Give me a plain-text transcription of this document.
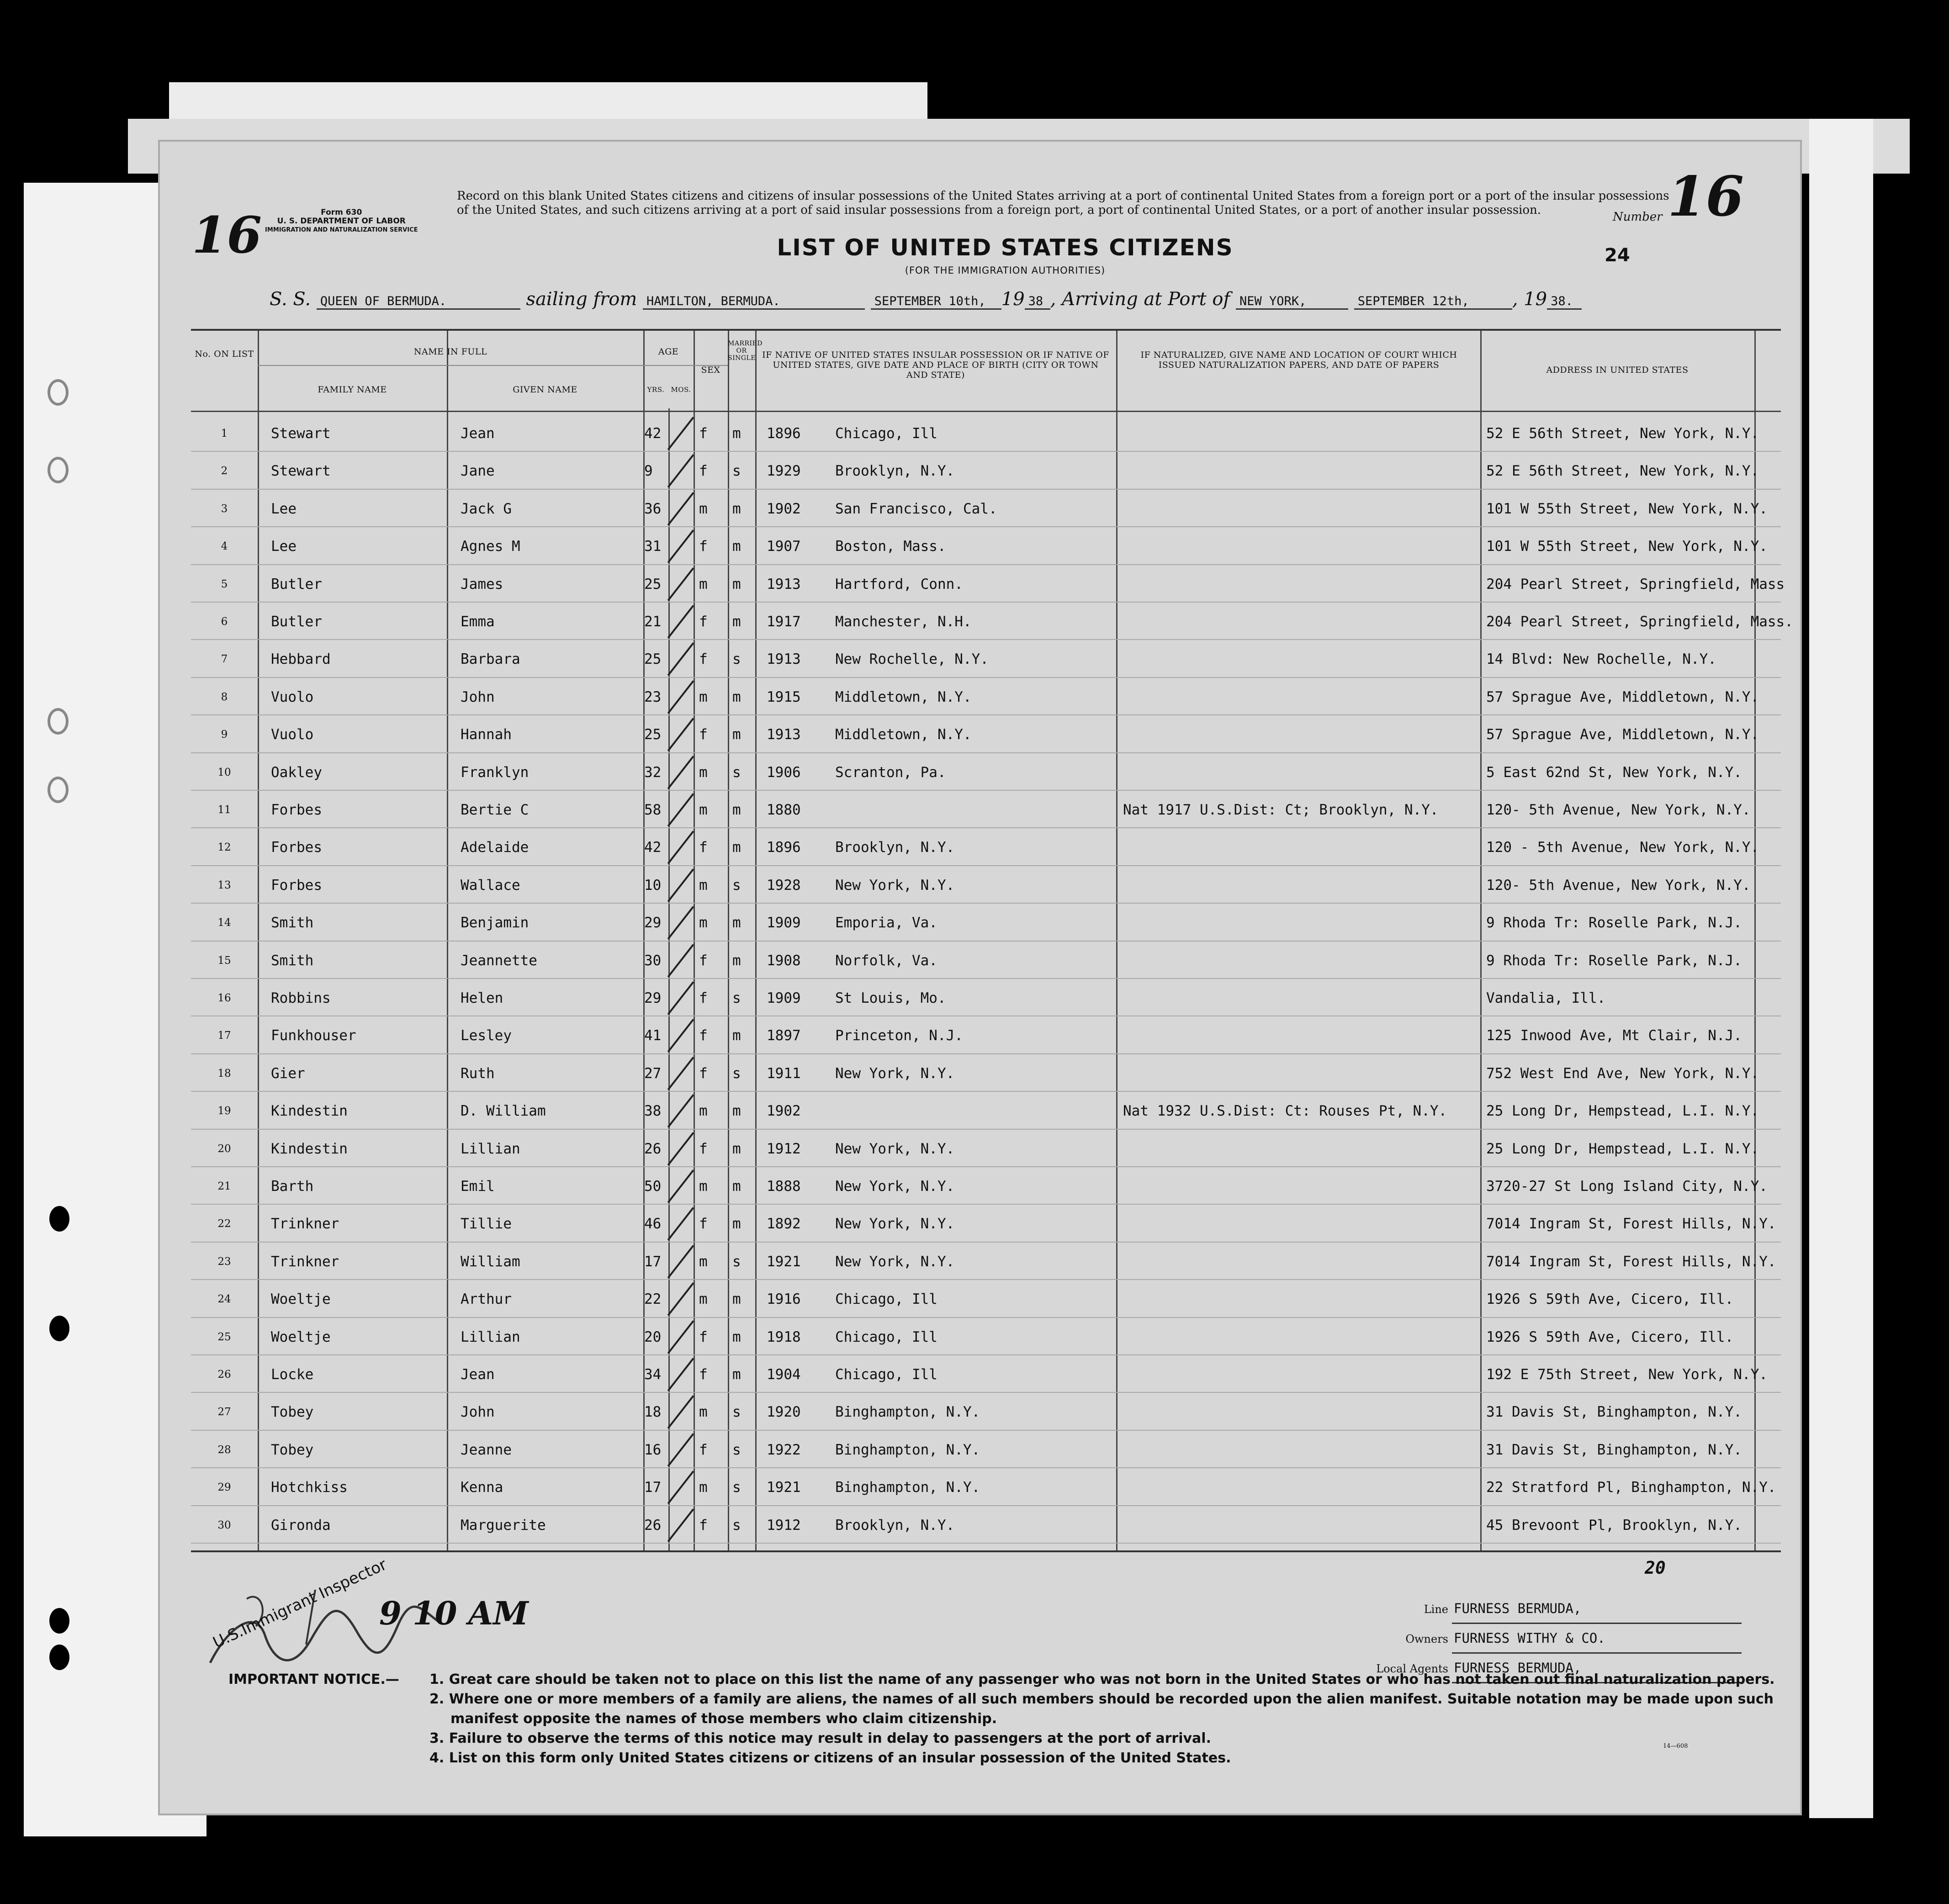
16	Form 630
U. S. DEPARTMENT OF LABOR
IMMIGRATION AND NATURALIZATION SERVICE
Record on this blank United States citizens and citizens of insular possessions of the United States arriving at a port of continental United States from a foreign port or a port of the insular possessions of the United States, and such citizens arriving at a port of said insular possessions from a foreign port, a port of continental United States, or a port of another insular possession.	Number 16
LIST OF UNITED STATES CITIZENS
(FOR THE IMMIGRATION AUTHORITIES)
24
S. S. QUEEN OF BERMUDA.	sailing from HAMILTON, BERMUDA.	SEPTEMBER 10th, 19 38 , Arriving at Port of NEW YORK,	SEPTEMBER 12th, , 19 38.
No. ON LIST	NAME IN FULL
FAMILY NAME	GIVEN NAME
AGE
YRS. MOS.
SEX
MARRIED OR SINGLE IF NATIVE OF UNITED STATES INSULAR POSSESSION OR IF NATIVE OF UNITED STATES, GIVE DATE AND PLACE OF BIRTH (CITY OR TOWN AND STATE)
IF NATURALIZED, GIVE NAME AND LOCATION OF COURT WHICH ISSUED NATURALIZATION PAPERS, AND DATE OF PAPERS	ADDRESS IN UNITED STATES
1	Stewart	Jean	42	f	m	1896	Chicago, Ill	52 E 56th Street, New York, N.Y.
2	Stewart	Jane	9	f	s	1929	Brooklyn, N.Y.	52 E 56th Street, New York, N.Y.
3	Lee	Jack G	36	m	m	1902	San Francisco, Cal.	101 W 55th Street, New York, N.Y.
4	Lee	Agnes M	31	f	m	1907	Boston, Mass.	101 W 55th Street, New York, N.Y.
5	Butler	James	25	m	m	1913	Hartford, Conn.	204 Pearl Street, Springfield, Mass
6	Butler	Emma	21	f	m	1917	Manchester, N.H.	204 Pearl Street, Springfield, Mass.
7	Hebbard	Barbara	25	f	s	1913	New Rochelle, N.Y.	14 Blvd: New Rochelle, N.Y.
8	Vuolo	John	23	m	m	1915	Middletown, N.Y.	57 Sprague Ave, Middletown, N.Y.
9	Vuolo	Hannah	25	f	m	1913	Middletown, N.Y.	57 Sprague Ave, Middletown, N.Y.
10	Oakley	Franklyn	32	m	s	1906	Scranton, Pa.	5 East 62nd St, New York, N.Y.
11	Forbes	Bertie C	58	m	m	1880	Nat 1917 U.S.Dist: Ct; Brooklyn, N.Y.	120- 5th Avenue, New York, N.Y.
12	Forbes	Adelaide	42	f	m	1896	Brooklyn, N.Y.	120 - 5th Avenue, New York, N.Y.
13	Forbes	Wallace	10	m	s	1928	New York, N.Y.	120- 5th Avenue, New York, N.Y.
14	Smith	Benjamin	29	m	m	1909	Emporia, Va.	9 Rhoda Tr: Roselle Park, N.J.
15	Smith	Jeannette	30	f	m	1908	Norfolk, Va.	9 Rhoda Tr: Roselle Park, N.J.
16	Robbins	Helen	29	f	s	1909	St Louis, Mo.	Vandalia, Ill.
17	Funkhouser	Lesley	41	f	m	1897	Princeton, N.J.	125 Inwood Ave, Mt Clair, N.J.
18	Gier	Ruth	27	f	s	1911	New York, N.Y.	752 West End Ave, New York, N.Y.
19	Kindestin	D. William	38	m	m	1902	Nat 1932 U.S.Dist: Ct: Rouses Pt, N.Y.	25 Long Dr, Hempstead, L.I. N.Y.
20	Kindestin	Lillian	26	f	m	1912	New York, N.Y.	25 Long Dr, Hempstead, L.I. N.Y.
21	Barth	Emil	50	m	m	1888	New York, N.Y.	3720-27 St Long Island City, N.Y.
22	Trinkner	Tillie	46	f	m	1892	New York, N.Y.	7014 Ingram St, Forest Hills, N.Y.
23	Trinkner	William	17	m	s	1921	New York, N.Y.	7014 Ingram St, Forest Hills, N.Y.
24	Woeltje	Arthur	22	m	m	1916	Chicago, Ill	1926 S 59th Ave, Cicero, Ill.
25	Woeltje	Lillian	20	f	m	1918	Chicago, Ill	1926 S 59th Ave, Cicero, Ill.
26	Locke	Jean	34	f	m	1904	Chicago, Ill	192 E 75th Street, New York, N.Y.
27	Tobey	John	18	m	s	1920	Binghampton, N.Y.	31 Davis St, Binghampton, N.Y.
28	Tobey	Jeanne	16	f	s	1922	Binghampton, N.Y.	31 Davis St, Binghampton, N.Y.
29	Hotchkiss	Kenna	17	m	s	1921	Binghampton, N.Y.	22 Stratford Pl, Binghampton, N.Y.
30	Gironda	Marguerite	26	f	s	1912	Brooklyn, N.Y.	45 Brevoont Pl, Brooklyn, N.Y.
20
Line FURNESS BERMUDA,
Owners FURNESS WITHY & CO.
Local Agents FURNESS BERMUDA,
U.S.Immigrant Inspector
9 10 AM
IMPORTANT NOTICE.— 1. Great care should be taken not to place on this list the name of any passenger who was not born in the United States or who has not taken out final naturalization papers.
2. Where one or more members of a family are aliens, the names of all such members should be recorded upon the alien manifest. Suitable notation may be made upon such manifest opposite the names of those members who claim citizenship.
3. Failure to observe the terms of this notice may result in delay to passengers at the port of arrival.
4. List on this form only United States citizens or citizens of an insular possession of the United States.
14—608
